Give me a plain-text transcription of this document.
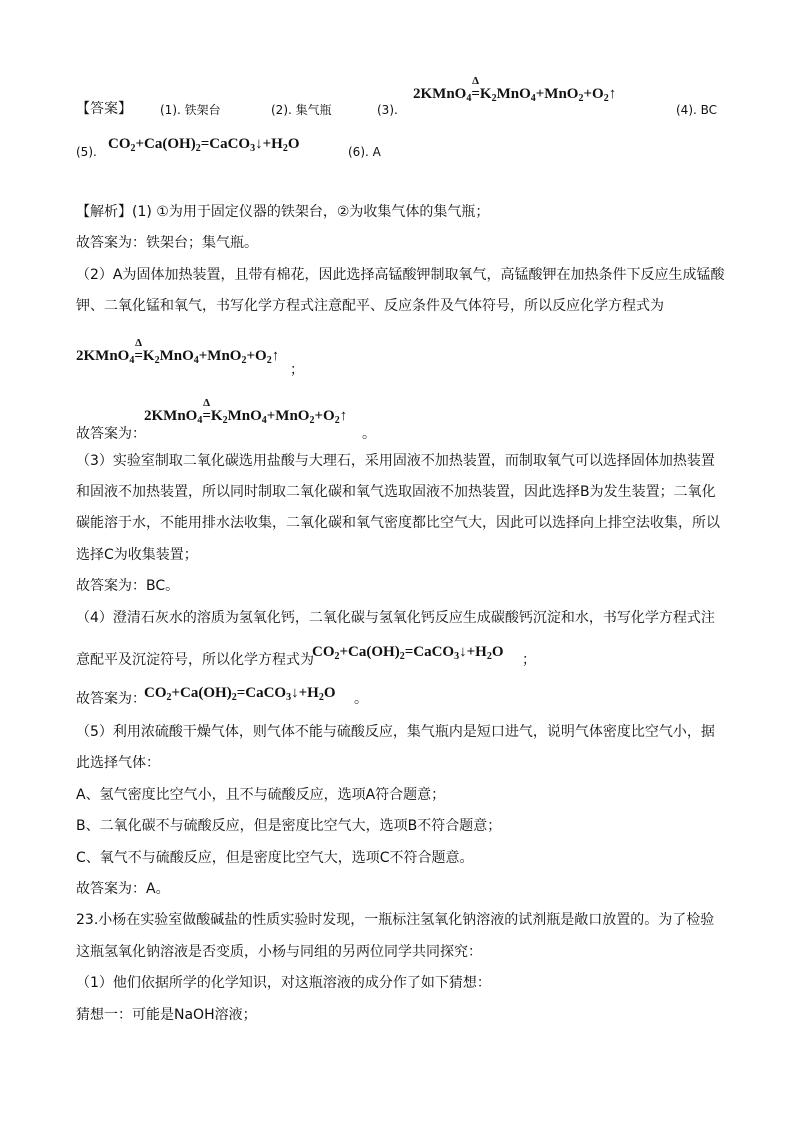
【答案】 (1). 铁架台	(2). 集气瓶	(3).
2KMnO$_4$Δ $=K_2MnO_4+MnO_2+O_2↑$
(4). BC
(5). $CO_2+Ca(OH)_2=CaCO_3↓+H_2O$	(6). A
【解析】(1) ①为用于固定仪器的铁架台，②为收集气体的集气瓶；
故答案为：铁架台；集气瓶。
（2）A为固体加热装置，且带有棉花，因此选择高锰酸钾制取氧气，高锰酸钾在加热条件下反应生成锰酸
钾、二氧化锰和氧气，书写化学方程式注意配平、反应条件及气体符号，所以反应化学方程式为
2KMnO$_4$Δ $=K_2MnO_4+MnO_2+O_2↑$
；
故答案为：
2KMnO$_4$Δ $=K_2MnO_4+MnO_2+O_2↑$
。
（3）实验室制取二氧化碳选用盐酸与大理石，采用固液不加热装置，而制取氧气可以选择固体加热装置
和固液不加热装置，所以同时制取二氧化碳和氧气选取固液不加热装置，因此选择B为发生装置；二氧化
碳能溶于水，不能用排水法收集，二氧化碳和氧气密度都比空气大，因此可以选择向上排空法收集，所以
选择C为收集装置；
故答案为：BC。
（4）澄清石灰水的溶质为氢氧化钙，二氧化碳与氢氧化钙反应生成碳酸钙沉淀和水，书写化学方程式注
意配平及沉淀符号，所以化学方程式为
$CO_2+Ca(OH)_2=CaCO_3↓+H_2O$ ；
故答案为：
$CO_2+Ca(OH)_2=CaCO_3↓+H_2O$ 。
（5）利用浓硫酸干燥气体，则气体不能与硫酸反应，集气瓶内是短口进气，说明气体密度比空气小，据
此选择气体：
A、氢气密度比空气小，且不与硫酸反应，选项A符合题意；
B、二氧化碳不与硫酸反应，但是密度比空气大，选项B不符合题意；
C、氧气不与硫酸反应，但是密度比空气大，选项C不符合题意。
故答案为：A。
23.小杨在实验室做酸碱盐的性质实验时发现，一瓶标注氢氧化钠溶液的试剂瓶是敞口放置的。为了检验
这瓶氢氧化钠溶液是否变质，小杨与同组的另两位同学共同探究：
（1）他们依据所学的化学知识，对这瓶溶液的成分作了如下猜想：
猜想一：可能是NaOH溶液；
